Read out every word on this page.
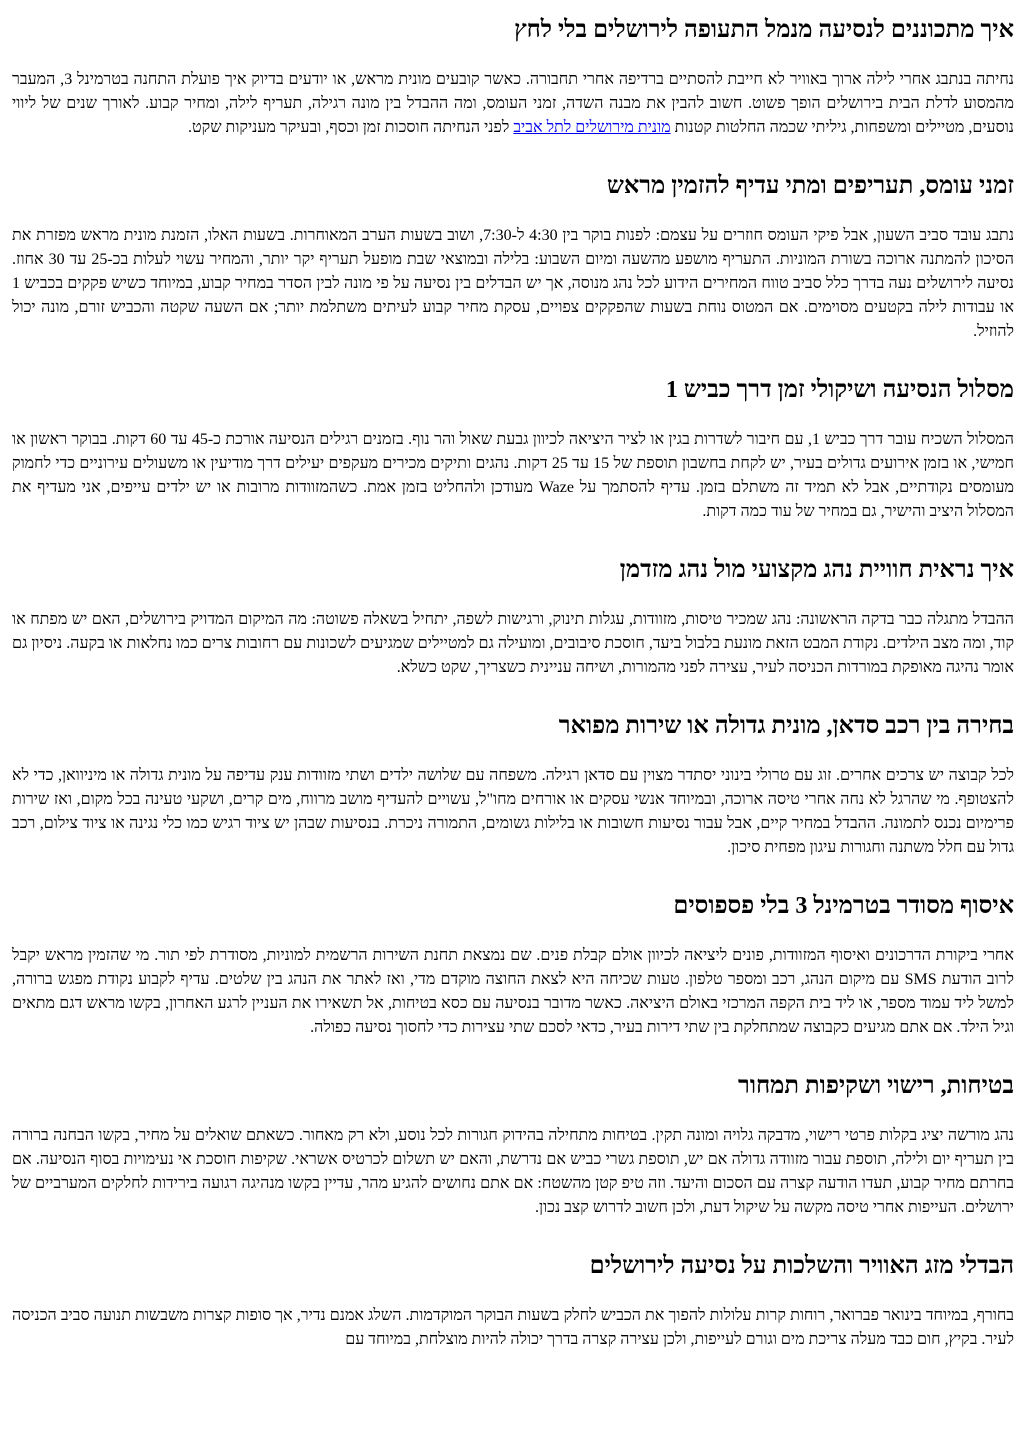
איך מתכוננים לנסיעה מנמל התעופה לירושלים בלי לחץ

נחיתה בנתבג אחרי לילה ארוך באוויר לא חייבת להסתיים ברדיפה אחרי תחבורה. כאשר קובעים מונית מראש, או יודעים בדיוק איך פועלת התחנה בטרמינל 3, המעבר מהמסוע לדלת הבית בירושלים הופך פשוט. חשוב להבין את מבנה השדה, זמני העומס, ומה ההבדל בין מונה רגילה, תעריף לילה, ומחיר קבוע. לאורך שנים של ליווי נוסעים, מטיילים ומשפחות, גיליתי שכמה החלטות קטנות מונית מירושלים לתל אביב לפני הנחיתה חוסכות זמן וכסף, ובעיקר מעניקות שקט.

זמני עומס, תעריפים ומתי עדיף להזמין מראש

נתבג עובד סביב השעון, אבל פיקי העומס חוזרים על עצמם: לפנות בוקר בין 4:30 ל-7:30, ושוב בשעות הערב המאוחרות. בשעות האלו, הזמנת מונית מראש מפזרת את הסיכון להמתנה ארוכה בשורת המוניות. התעריף מושפע מהשעה ומיום השבוע: בלילה ובמוצאי שבת מופעל תעריף יקר יותר, והמחיר עשוי לעלות בכ-25 עד 30 אחוז. נסיעה לירושלים נעה בדרך כלל סביב טווח המחירים הידוע לכל נהג מנוסה, אך יש הבדלים בין נסיעה על פי מונה לבין הסדר במחיר קבוע, במיוחד כשיש פקקים בכביש 1 או עבודות לילה בקטעים מסוימים. אם המטוס נוחת בשעות שהפקקים צפויים, עסקת מחיר קבוע לעיתים משתלמת יותר; אם השעה שקטה והכביש זורם, מונה יכול להוזיל.

מסלול הנסיעה ושיקולי זמן דרך כביש 1

המסלול השכיח עובר דרך כביש 1, עם חיבור לשדרות בגין או לציר היציאה לכיוון גבעת שאול והר נוף. בזמנים רגילים הנסיעה אורכת כ-45 עד 60 דקות. בבוקר ראשון או חמישי, או בזמן אירועים גדולים בעיר, יש לקחת בחשבון תוספת של 15 עד 25 דקות. נהגים ותיקים מכירים מעקפים יעילים דרך מודיעין או משעולים עירוניים כדי לחמוק מעומסים נקודתיים, אבל לא תמיד זה משתלם בזמן. עדיף להסתמך על Waze מעודכן ולהחליט בזמן אמת. כשהמזוודות מרובות או יש ילדים עייפים, אני מעדיף את המסלול היציב והישיר, גם במחיר של עוד כמה דקות.

איך נראית חוויית נהג מקצועי מול נהג מזדמן

ההבדל מתגלה כבר בדקה הראשונה: נהג שמכיר טיסות, מזוודות, עגלות תינוק, ורגישות לשפה, יתחיל בשאלה פשוטה: מה המיקום המדויק בירושלים, האם יש מפתח או קוד, ומה מצב הילדים. נקודת המבט הזאת מונעת בלבול ביעד, חוסכת סיבובים, ומועילה גם למטיילים שמגיעים לשכונות עם רחובות צרים כמו נחלאות או בקעה. ניסיון גם אומר נהיגה מאופקת במורדות הכניסה לעיר, עצירה לפני מהמורות, ושיחה עניינית כשצריך, שקט כשלא.

בחירה בין רכב סדאן, מונית גדולה או שירות מפואר

לכל קבוצה יש צרכים אחרים. זוג עם טרולי בינוני יסתדר מצוין עם סדאן רגילה. משפחה עם שלושה ילדים ושתי מזוודות ענק עדיפה על מונית גדולה או מיניוואן, כדי לא להצטופף. מי שהרגל לא נחה אחרי טיסה ארוכה, ובמיוחד אנשי עסקים או אורחים מחו"ל, עשויים להעדיף מושב מרווח, מים קרים, ושקעי טעינה בכל מקום, ואז שירות פרימיום נכנס לתמונה. ההבדל במחיר קיים, אבל עבור נסיעות חשובות או בלילות גשומים, התמורה ניכרת. בנסיעות שבהן יש ציוד רגיש כמו כלי נגינה או ציוד צילום, רכב גדול עם חלל משתנה וחגורות עיגון מפחית סיכון.

איסוף מסודר בטרמינל 3 בלי פספוסים

אחרי ביקורת הדרכונים ואיסוף המזוודות, פונים ליציאה לכיוון אולם קבלת פנים. שם נמצאת תחנת השירות הרשמית למוניות, מסודרת לפי תור. מי שהזמין מראש יקבל לרוב הודעת SMS עם מיקום הנהג, רכב ומספר טלפון. טעות שכיחה היא לצאת החוצה מוקדם מדי, ואז לאתר את הנהג בין שלטים. עדיף לקבוע נקודת מפגש ברורה, למשל ליד עמוד מספר, או ליד בית הקפה המרכזי באולם היציאה. כאשר מדובר בנסיעה עם כסא בטיחות, אל תשאירו את העניין לרגע האחרון, בקשו מראש דגם מתאים וגיל הילד. אם אתם מגיעים כקבוצה שמתחלקת בין שתי דירות בעיר, כדאי לסכם שתי עצירות כדי לחסוך נסיעה כפולה.

בטיחות, רישוי ושקיפות תמחור

נהג מורשה יציג בקלות פרטי רישוי, מדבקה גלויה ומונה תקין. בטיחות מתחילה בהידוק חגורות לכל נוסע, ולא רק מאחור. כשאתם שואלים על מחיר, בקשו הבחנה ברורה בין תעריף יום ולילה, תוספת עבור מזוודה גדולה אם יש, תוספת גשרי כביש אם נדרשת, והאם יש תשלום לכרטיס אשראי. שקיפות חוסכת אי נעימויות בסוף הנסיעה. אם בחרתם מחיר קבוע, תעדו הודעה קצרה עם הסכום והיעד. וזה טיפ קטן מהשטח: אם אתם נחושים להגיע מהר, עדיין בקשו מנהיגה רגועה בירידות לחלקים המערביים של ירושלים. העייפות אחרי טיסה מקשה על שיקול דעת, ולכן חשוב לדרוש קצב נכון.

הבדלי מזג האוויר והשלכות על נסיעה לירושלים

בחורף, במיוחד בינואר פברואר, רוחות קרות עלולות להפוך את הכביש לחלק בשעות הבוקר המוקדמות. השלג אמנם נדיר, אך סופות קצרות משבשות תנועה סביב הכניסה לעיר. בקיץ, חום כבד מעלה צריכת מים וגורם לעייפות, ולכן עצירה קצרה בדרך יכולה להיות מוצלחת, במיוחד עם
